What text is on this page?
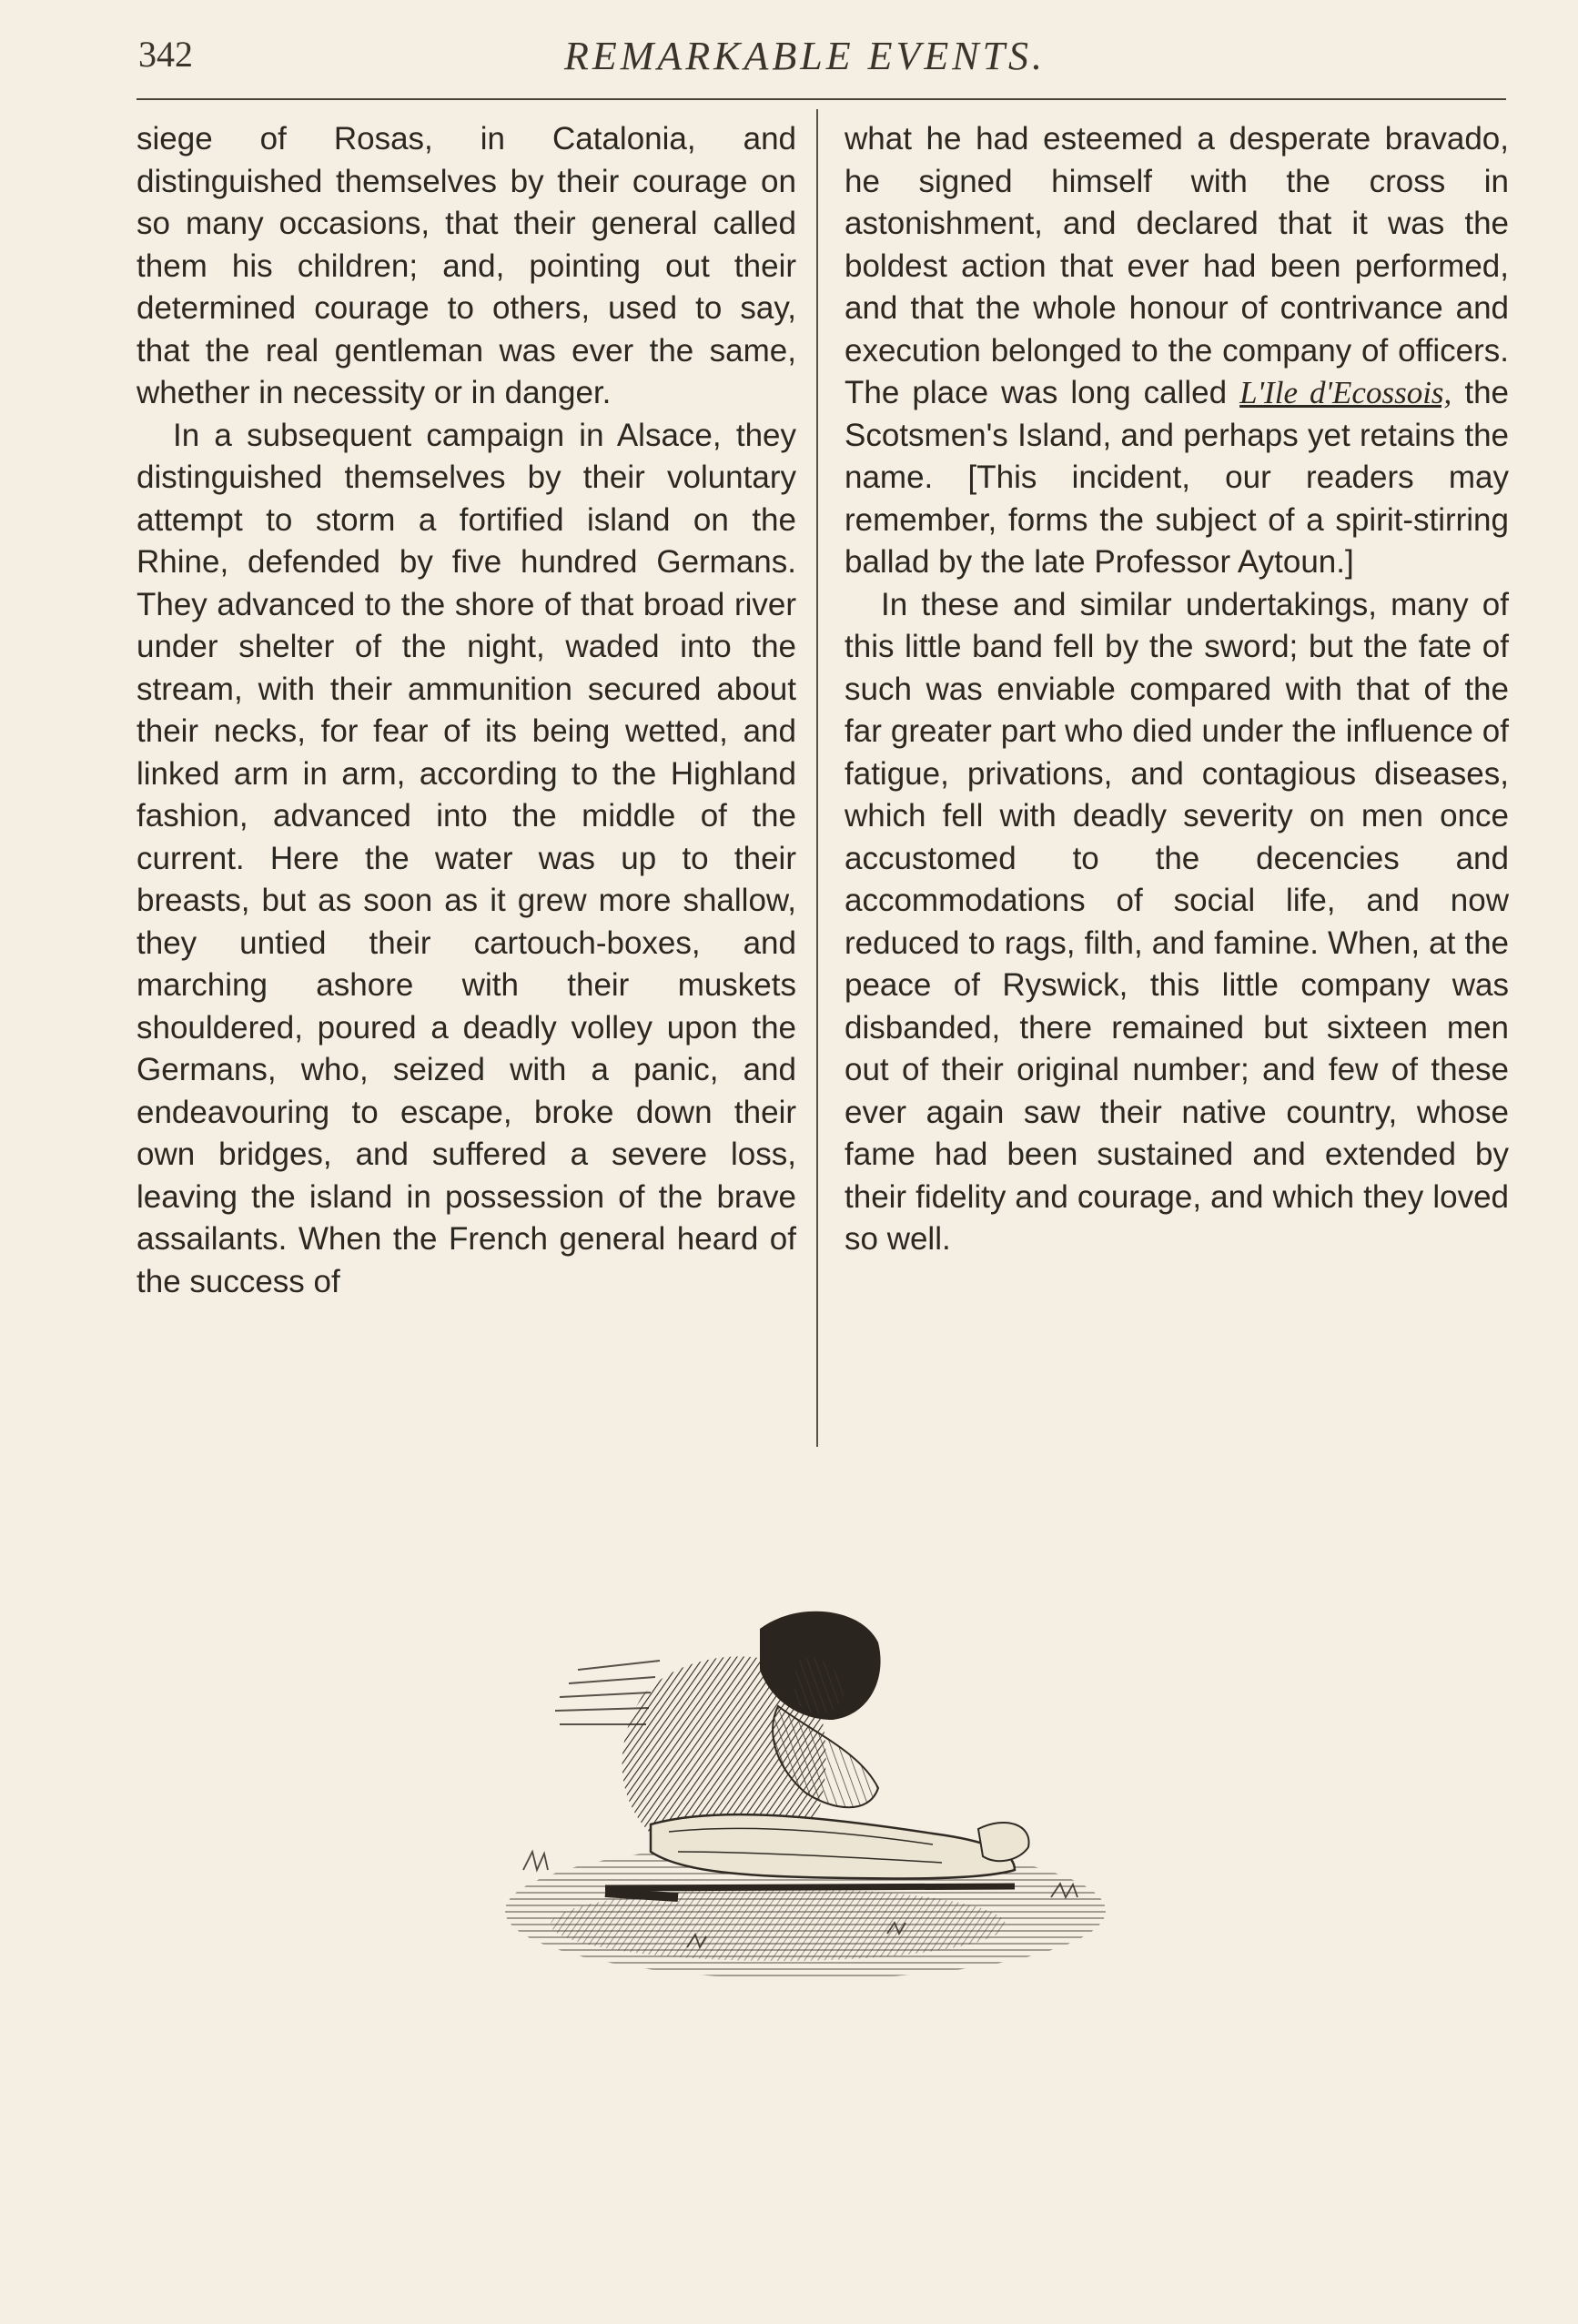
342	REMARKABLE EVENTS.

siege of Rosas, in Catalonia, and distinguished themselves by their courage on so many occasions, that their general called them his children; and, pointing out their determined courage to others, used to say, that the real gentleman was ever the same, whether in necessity or in danger.

In a subsequent campaign in Alsace, they distinguished themselves by their voluntary attempt to storm a fortified island on the Rhine, defended by five hundred Germans. They advanced to the shore of that broad river under shelter of the night, waded into the stream, with their ammunition secured about their necks, for fear of its being wetted, and linked arm in arm, according to the Highland fashion, advanced into the middle of the current. Here the water was up to their breasts, but as soon as it grew more shallow, they untied their cartouch-boxes, and marching ashore with their muskets shouldered, poured a deadly volley upon the Germans, who, seized with a panic, and endeavouring to escape, broke down their own bridges, and suffered a severe loss, leaving the island in possession of the brave assailants. When the French general heard of the success of

what he had esteemed a desperate bravado, he signed himself with the cross in astonishment, and declared that it was the boldest action that ever had been performed, and that the whole honour of contrivance and execution belonged to the company of officers. The place was long called L'Ile d'Ecossois, the Scotsmen's Island, and perhaps yet retains the name. [This incident, our readers may remember, forms the subject of a spirit-stirring ballad by the late Professor Aytoun.]

In these and similar undertakings, many of this little band fell by the sword; but the fate of such was enviable compared with that of the far greater part who died under the influence of fatigue, privations, and contagious diseases, which fell with deadly severity on men once accustomed to the decencies and accommodations of social life, and now reduced to rags, filth, and famine. When, at the peace of Ryswick, this little company was disbanded, there remained but sixteen men out of their original number; and few of these ever again saw their native country, whose fame had been sustained and extended by their fidelity and courage, and which they loved so well.
